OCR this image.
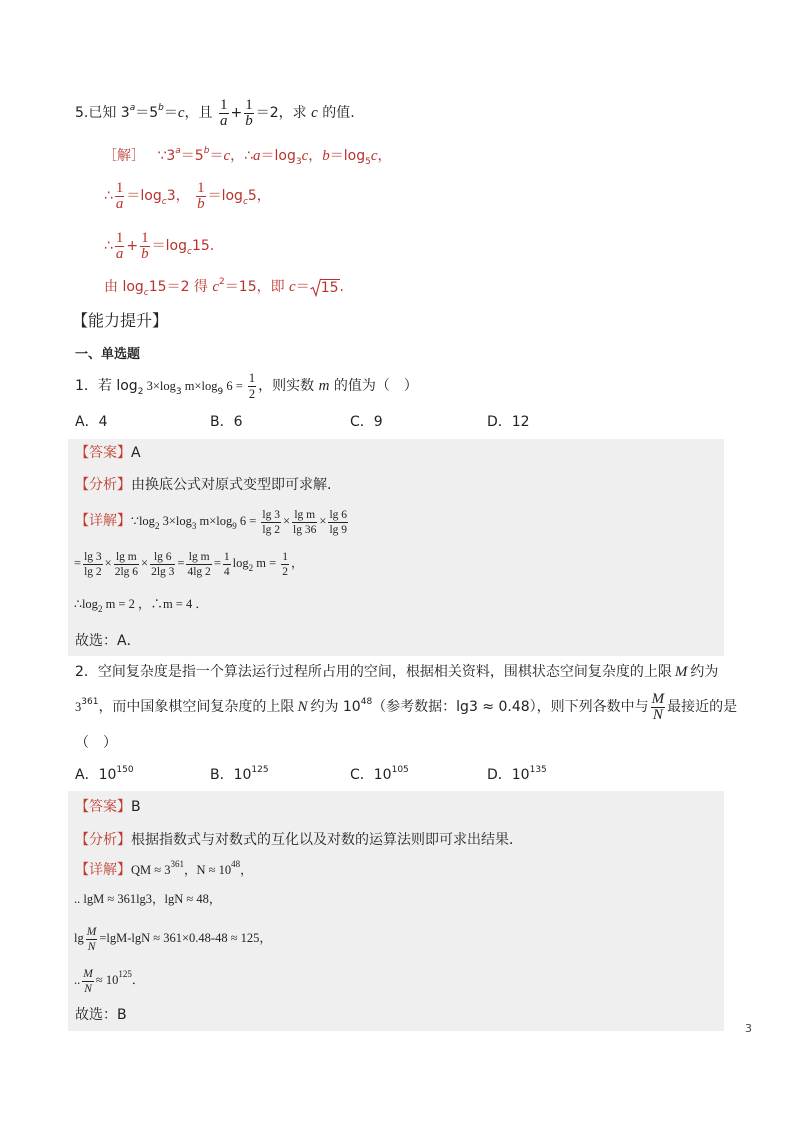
5.已知 $3^a=5^b=c$，且 $\frac{1}{a} + \frac{1}{b} =2$，求 c 的值.
［解］ $\because 3^a=5^b=c$，$\therefore a=\log_3c$，$b=\log_5c$，
∴ $\frac{1}{a} =\log_c3$， $\frac{1}{b} =\log_c5$，
∴ $\frac{1}{a} + \frac{1}{b} =\log_c15$.
由 $\log_c15=2$ 得 $c^2=15$，即 c＝ 15.
【能力提升】
一、单选题
1．若 $\log_2 3\times\log_3$ $m\times\log_9$ $6 = \frac{1}{2}$ ，则实数 m 的值为（　）
A．4	B．6	C．9	D．12
【答案】A
【分析】由换底公式对原式变型即可求解.
【详解】$\because\log_2$ $3\times\log_3$ $m\times\log_9$ $6 = \frac{\lg 3}{\lg 2} \times \frac{\text{lg m}}{\lg 36} \times \frac{\lg 6}{\lg 9}$
= $\frac{\lg 3}{\lg 2} \times \frac{\text{lg m}}{2\lg 6} \times \frac{\lg 6}{2\lg 3} = \frac{\text{lg m}}{4\lg 2} = \frac{1}{4} \log_2 m = \frac{1}{2}$ ，
$\therefore\log_2$ m = 2 ，∴m = 4 ．
故选：A．
2．空间复杂度是指一个算法运行过程所占用的空间，根据相关资料，围棋状态空间复杂度的上限 M 约为
$3^{361}$，而中国象棋空间复杂度的上限 N 约为 $10^{48}$（参考数据：lg3 ≈ 0.48），则下列各数中与 $\frac{M}{N}$ 最接近的是
（　）
A．$10^{150}$	B．$10^{125}$	C．$10^{105}$	D．$10^{135}$
【答案】B
【分析】根据指数式与对数式的互化以及对数的运算法则即可求出结果．
【详解】QM ≈ $3^{361}$，$N \approx 10^{48}$，
.. lgM ≈ 361lg3，lgN ≈ 48，
$\lg \frac{M}{N} =\lg M-\lg N \approx 361\times 0.48-48 \approx 125$，
.. $\frac{M}{N} \approx 10^{125}$．
故选：B
3
